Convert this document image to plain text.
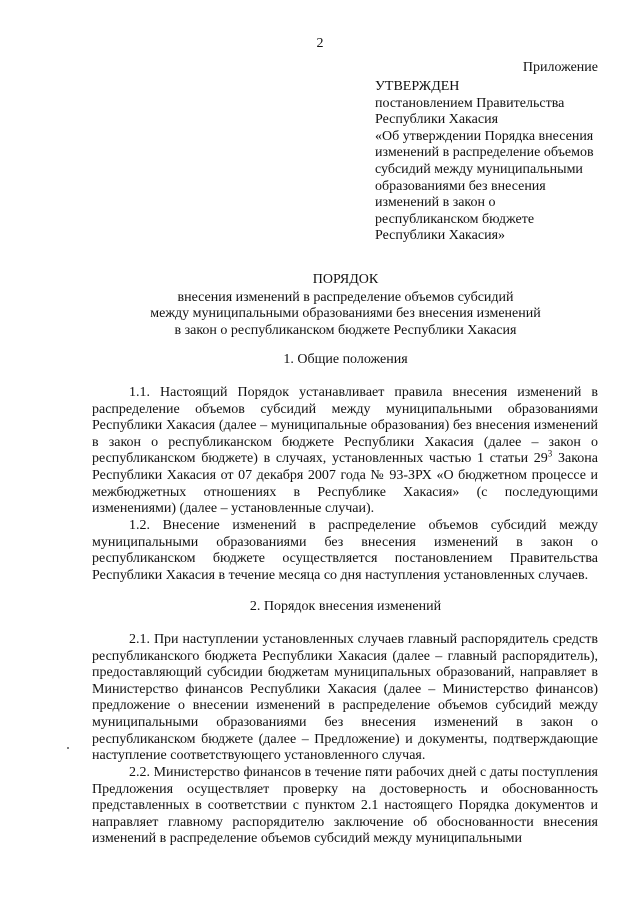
2
Приложение
УТВЕРЖДЕН
постановлением Правительства
Республики Хакасия
«Об утверждении Порядка внесения
изменений в распределение объемов
субсидий между муниципальными
образованиями без внесения
изменений в закон о
республиканском бюджете
Республики Хакасия»
ПОРЯДОК
внесения изменений в распределение объемов субсидий
между муниципальными образованиями без внесения изменений
в закон о республиканском бюджете Республики Хакасия
1. Общие положения

1.1. Настоящий Порядок устанавливает правила внесения изменений в распределение объемов субсидий между муниципальными образованиями Республики Хакасия (далее – муниципальные образования) без внесения изменений в закон о республиканском бюджете Республики Хакасия (далее – закон о республиканском бюджете) в случаях, установленных частью 1 статьи $29^3$ Закона Республики Хакасия от 07 декабря 2007 года № 93-ЗРХ «О бюджетном процессе и межбюджетных отношениях в Республике Хакасия» (с последующими изменениями) (далее – установленные случаи).

1.2. Внесение изменений в распределение объемов субсидий между муниципальными образованиями без внесения изменений в закон о республиканском бюджете осуществляется постановлением Правительства Республики Хакасия в течение месяца со дня наступления установленных случаев.

2. Порядок внесения изменений

2.1. При наступлении установленных случаев главный распорядитель средств республиканского бюджета Республики Хакасия (далее – главный распорядитель), предоставляющий субсидии бюджетам муниципальных образований, направляет в Министерство финансов Республики Хакасия (далее – Министерство финансов) предложение о внесении изменений в распределение объемов субсидий между муниципальными образованиями без внесения изменений в закон о республиканском бюджете (далее – Предложение) и документы, подтверждающие наступление соответствующего установленного случая.

2.2. Министерство финансов в течение пяти рабочих дней с даты поступления Предложения осуществляет проверку на достоверность и обоснованность представленных в соответствии с пунктом 2.1 настоящего Порядка документов и направляет главному распорядителю заключение об обоснованности внесения изменений в распределение объемов субсидий между муниципальными
